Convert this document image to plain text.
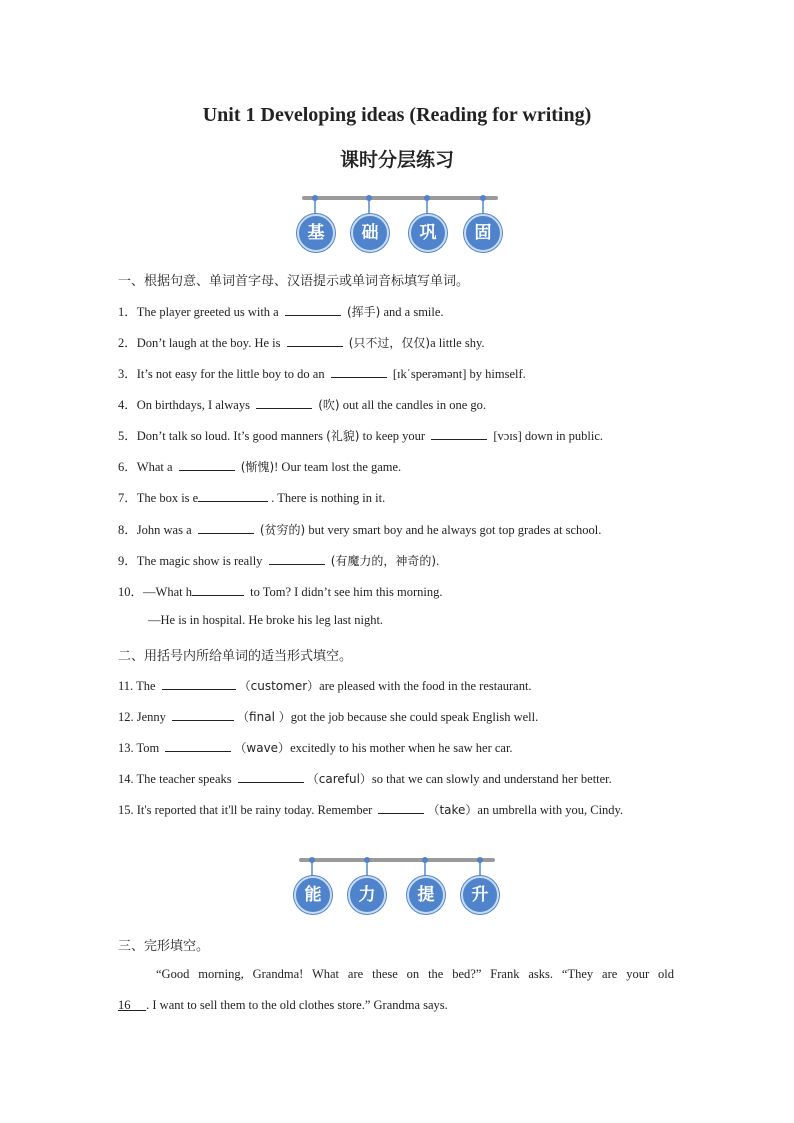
Unit 1 Developing ideas (Reading for writing)
课时分层练习
基	础	巩	固
一、根据句意、单词首字母、汉语提示或单词音标填写单词。
1．The player greeted us with a	(挥手) and a smile.
2．Don’t laugh at the boy. He is	(只不过，仅仅)a little shy.
3．It’s not easy for the little boy to do an	[ɪkˈsperəmənt] by himself.
4．On birthdays, I always	(吹) out all the candles in one go.
5．Don’t talk so loud. It’s good manners (礼貌) to keep your	[vɔɪs] down in public.
6．What a	(惭愧)! Our team lost the game.
7．The box is e	. There is nothing in it.
8．John was a	(贫穷的) but very smart boy and he always got top grades at school.
9．The magic show is really	(有魔力的，神奇的).
10．—What h	to Tom? I didn’t see him this morning.
—He is in hospital. He broke his leg last night.
二、用括号内所给单词的适当形式填空。
11. The	（customer）are pleased with the food in the restaurant.
12. Jenny	（final ）got the job because she could speak English well.
13. Tom	（wave）excitedly to his mother when he saw her car.
14. The teacher speaks	（careful）so that we can slowly and understand her better.
15. It's reported that it'll be rainy today. Remember	（take）an umbrella with you, Cindy.
能	力	提	升
三、完形填空。
“Good morning, Grandma! What are these on the bed?” Frank asks. “They are your old
16 . I want to sell them to the old clothes store.” Grandma says.
